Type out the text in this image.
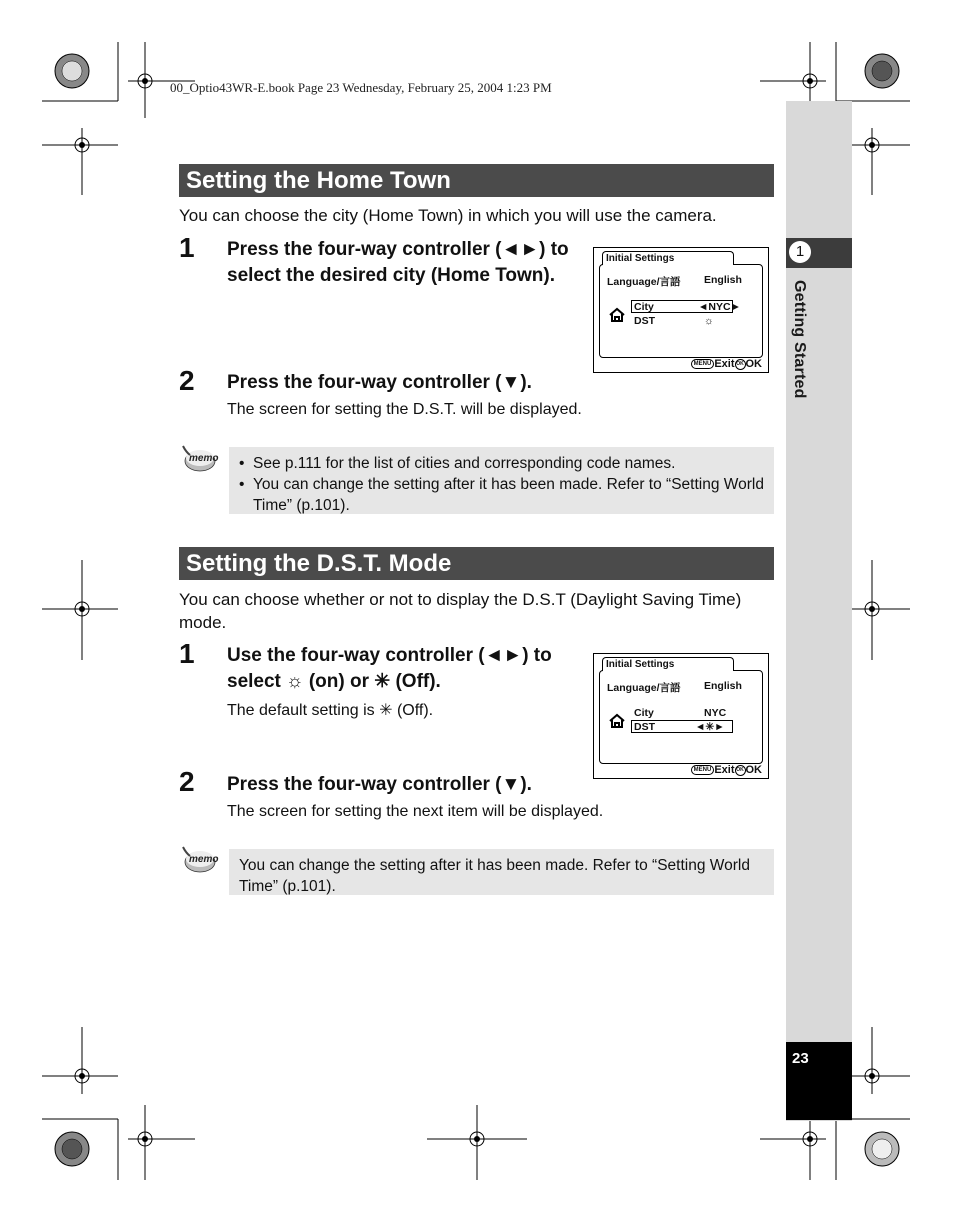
00_Optio43WR-E.book Page 23 Wednesday, February 25, 2004 1:23 PM
1
Getting Started
23
Setting the Home Town
You can choose the city (Home Town) in which you will use the camera.
1 Press the four-way controller (◄►) to select the desired city (Home Town).
Initial Settings
Language/言語 English
City	◄NYC►
DST	☼
MENU Exit OK OK
2 Press the four-way controller (▼).
The screen for setting the D.S.T. will be displayed.
memo
•	See p.111 for the list of cities and corresponding code names.
• You can change the setting after it has been made. Refer to “Setting World Time” (p.101).
Setting the D.S.T. Mode
You can choose whether or not to display the D.S.T (Daylight Saving Time) mode.
1 Use the four-way controller (◄►) to select ☼ (on) or ✳ (Off).
The default setting is ✳ (Off).
Initial Settings
Language/言語 English
City	NYC
DST	◄✳►
MENU Exit OK OK
2 Press the four-way controller (▼).
The screen for setting the next item will be displayed.
memo	You can change the setting after it has been made. Refer to “Setting World Time” (p.101).
